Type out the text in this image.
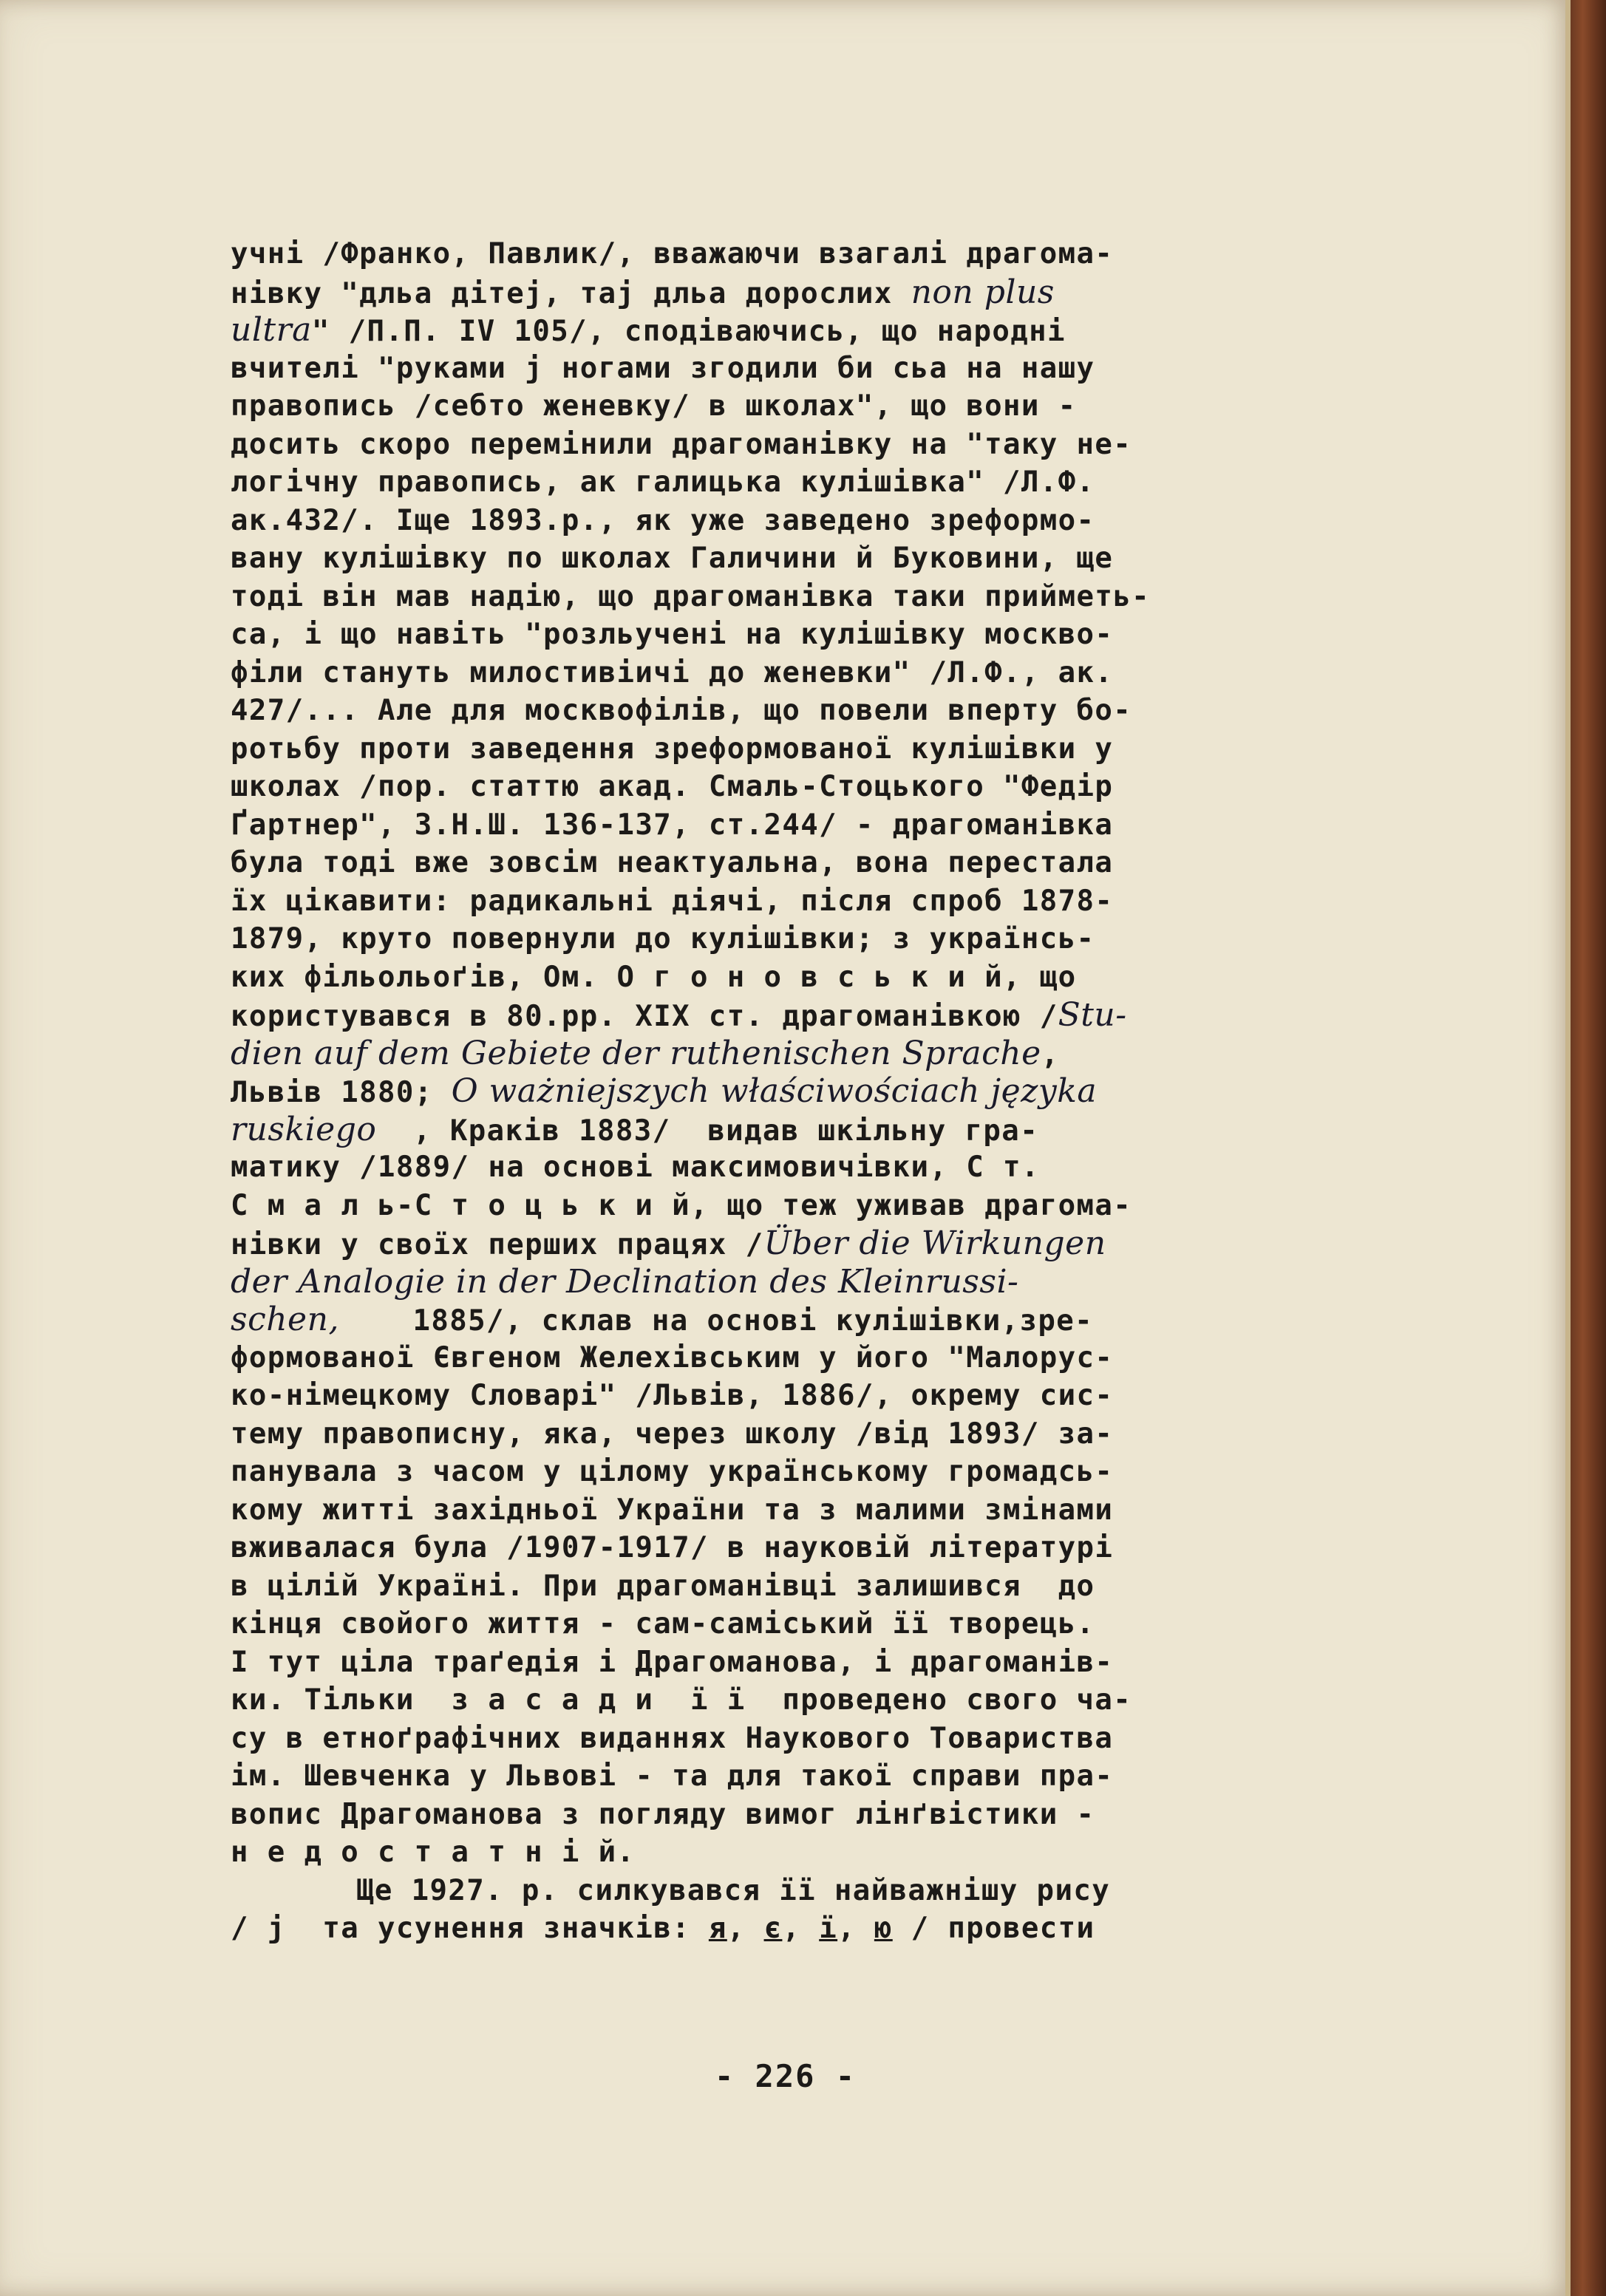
учні /Франко, Павлик/, вважаючи взагалі драгома-
нівку "дльа дітеј, тај дльа дорослих non plus
ultra" /П.П. IV 105/, сподіваючись, що народні
вчителі "руками ј ногами згодили би сьа на нашу
правопись /себто женевку/ в школах", що вони -
досить скоро перемінили драгоманівку на "таку не-
логічну правопись, ак галицька кулішівка" /Л.Ф.
ак.432/. Іще 1893.р., як уже заведено зреформо-
вану кулішівку по школах Галичини й Буковини, ще
тоді він мав надію, що драгоманівка таки прийметь-
са, і що навіть "розльучені на кулішівку москво-
філи стануть милостивіичі до женевки" /Л.Ф., ак.
427/... Але для москвофілів, що повели вперту бо-
ротьбу проти заведення зреформованої кулішівки у
школах /пор. статтю акад. Смаль-Стоцького "Федір
Ґартнер", З.Н.Ш. 136-137, ст.244/ - драгоманівка
була тоді вже зовсім неактуальна, вона перестала
їх цікавити: радикальні діячі, після спроб 1878-
1879, круто повернули до кулішівки; з українсь-
ких фільольоґів, Ом. О г о н о в с ь к и й, що
користувався в 80.рр. XIX ст. драгоманівкою /Stu-
dien auf dem Gebiete der ruthenischen Sprache,
Львів 1880; O ważniejszych właściwościach języka
ruskiego  , Краків 1883/  видав шкільну гра-
матику /1889/ на основі максимовичівки, С т.
С м а л ь-С т о ц ь к и й, що теж уживав драгома-
нівки у своїх перших працях /Über die Wirkungen
der Analogie in der Declination des Kleinrussi-
schen,    1885/, склав на основі кулішівки,зре-
формованої Євгеном Желехівським у його "Малорус-
ко-німецкому Словарі" /Львів, 1886/, окрему сис-
тему правописну, яка, через школу /від 1893/ за-
панувала з часом у цілому українському громадсь-
кому житті західньої України та з малими змінами
вживалася була /1907-1917/ в науковій літературі
в цілій Україні. При драгоманівці залишився  до
кінця свойого життя - сам-саміський її творець.
І тут ціла траґедія і Драгоманова, і драгоманів-
ки. Тільки  з а с а д и  ї ї  проведено свого ча-
су в етноґрафічних виданнях Наукового Товариства
ім. Шевченка у Львові - та для такої справи пра-
вопис Драгоманова з погляду вимог лінґвістики -
н е д о с т а т н і й.
Ще 1927. р. силкувався її найважнішу рису
/ ј  та усунення значків: я, є, ї, ю / провести
- 226 -
